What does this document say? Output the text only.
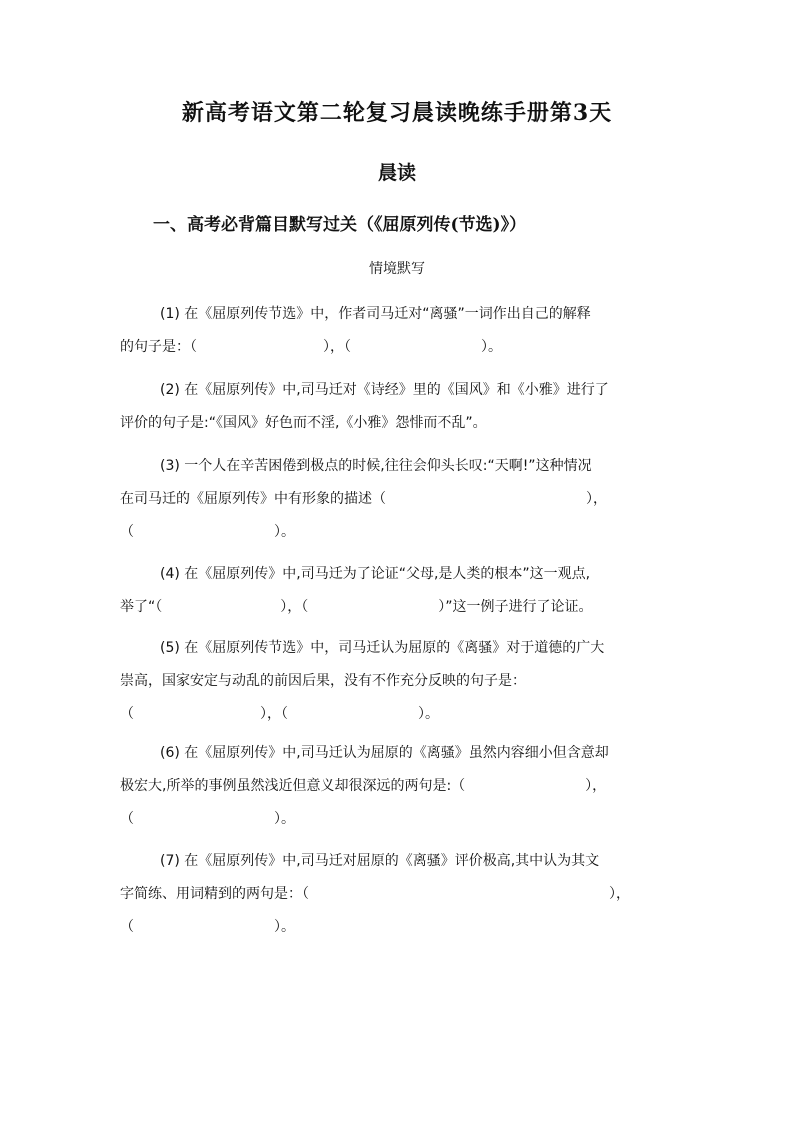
新高考语文第二轮复习晨读晚练手册第3天
晨读
一、高考必背篇目默写过关（《屈原列传(节选)》）
情境默写
(1) 在《屈原列传节选》中，作者司马迁对“离骚”一词作出自己的解释
的句子是：（	），（	）。
(2) 在《屈原列传》中,司马迁对《诗经》里的《国风》和《小雅》进行了
评价的句子是:“《国风》好色而不淫,《小雅》怨悱而不乱”。
(3) 一个人在辛苦困倦到极点的时候,往往会仰头长叹:“天啊!”这种情况
在司马迁的《屈原列传》中有形象的描述（	），
（	）。
(4) 在《屈原列传》中,司马迁为了论证“父母,是人类的根本”这一观点,
举了“（	），（	）”这一例子进行了论证。
(5) 在《屈原列传节选》中，司马迁认为屈原的《离骚》对于道德的广大
崇高，国家安定与动乱的前因后果，没有不作充分反映的句子是：
（	），（	）。
(6) 在《屈原列传》中,司马迁认为屈原的《离骚》虽然内容细小但含意却
极宏大,所举的事例虽然浅近但意义却很深远的两句是:（	），
（	）。
(7) 在《屈原列传》中,司马迁对屈原的《离骚》评价极高,其中认为其文
字简练、用词精到的两句是：（	），
（	）。
